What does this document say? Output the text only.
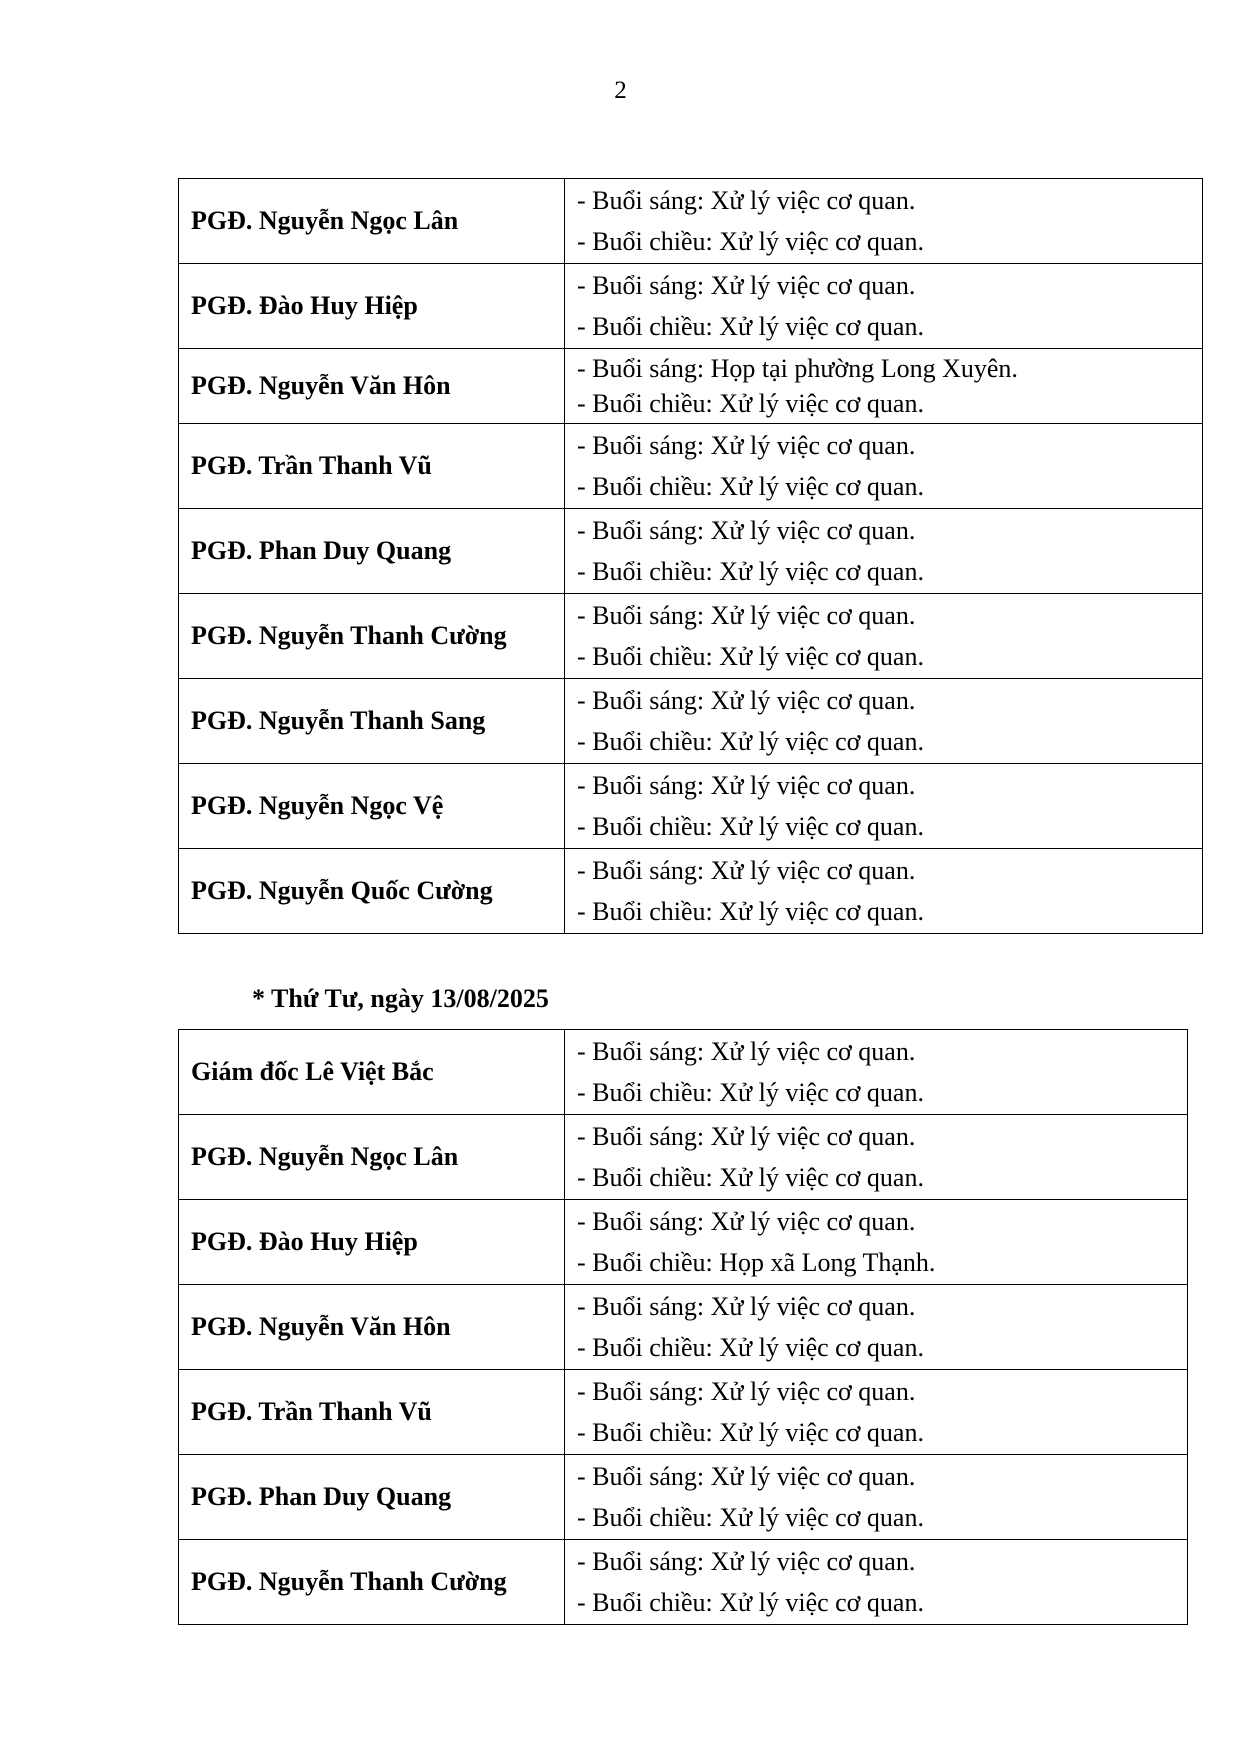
2
PGĐ. Nguyễn Ngọc Lân	- Buổi sáng: Xử lý việc cơ quan.
- Buổi chiều: Xử lý việc cơ quan.

PGĐ. Đào Huy Hiệp	- Buổi sáng: Xử lý việc cơ quan.
- Buổi chiều: Xử lý việc cơ quan.

PGĐ. Nguyễn Văn Hôn	- Buổi sáng: Họp tại phường Long Xuyên.
- Buổi chiều: Xử lý việc cơ quan.

PGĐ. Trần Thanh Vũ	- Buổi sáng: Xử lý việc cơ quan.
- Buổi chiều: Xử lý việc cơ quan.

PGĐ. Phan Duy Quang	- Buổi sáng: Xử lý việc cơ quan.
- Buổi chiều: Xử lý việc cơ quan.

PGĐ. Nguyễn Thanh Cường	- Buổi sáng: Xử lý việc cơ quan.
- Buổi chiều: Xử lý việc cơ quan.

PGĐ. Nguyễn Thanh Sang	- Buổi sáng: Xử lý việc cơ quan.
- Buổi chiều: Xử lý việc cơ quan.

PGĐ. Nguyễn Ngọc Vệ	- Buổi sáng: Xử lý việc cơ quan.
- Buổi chiều: Xử lý việc cơ quan.

PGĐ. Nguyễn Quốc Cường	- Buổi sáng: Xử lý việc cơ quan.
- Buổi chiều: Xử lý việc cơ quan.
* Thứ Tư, ngày 13/08/2025
Giám đốc Lê Việt Bắc	- Buổi sáng: Xử lý việc cơ quan.
- Buổi chiều: Xử lý việc cơ quan.

PGĐ. Nguyễn Ngọc Lân	- Buổi sáng: Xử lý việc cơ quan.
- Buổi chiều: Xử lý việc cơ quan.

PGĐ. Đào Huy Hiệp	- Buổi sáng: Xử lý việc cơ quan.
- Buổi chiều: Họp xã Long Thạnh.

PGĐ. Nguyễn Văn Hôn	- Buổi sáng: Xử lý việc cơ quan.
- Buổi chiều: Xử lý việc cơ quan.

PGĐ. Trần Thanh Vũ	- Buổi sáng: Xử lý việc cơ quan.
- Buổi chiều: Xử lý việc cơ quan.

PGĐ. Phan Duy Quang	- Buổi sáng: Xử lý việc cơ quan.
- Buổi chiều: Xử lý việc cơ quan.

PGĐ. Nguyễn Thanh Cường	- Buổi sáng: Xử lý việc cơ quan.
- Buổi chiều: Xử lý việc cơ quan.
